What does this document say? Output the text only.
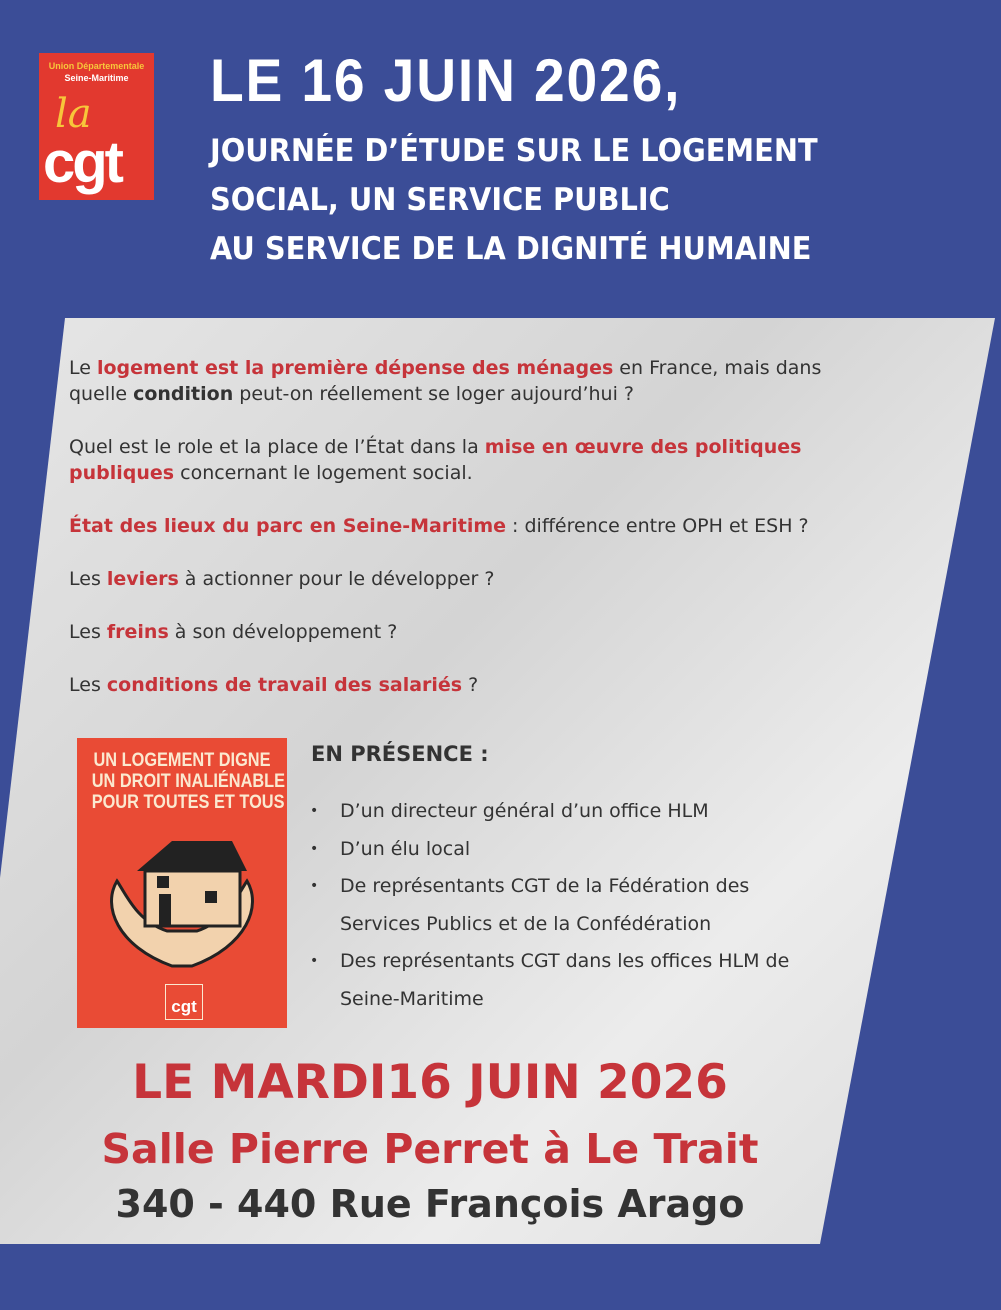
Union Départementale
Seine-Maritime
la
cgt
LE 16 JUIN 2026,
JOURNÉE D’ÉTUDE SUR LE LOGEMENT
SOCIAL, UN SERVICE PUBLIC
AU SERVICE DE LA DIGNITÉ HUMAINE
Le logement est la première dépense des ménages en France, mais dans quelle condition peut-on réellement se loger aujourd’hui ?
Quel est le role et la place de l’État dans la mise en œuvre des politiques publiques concernant le logement social.
État des lieux du parc en Seine-Maritime : différence entre OPH et ESH ?
Les leviers à actionner pour le développer ?
Les freins à son développement ?
Les conditions de travail des salariés ?
UN LOGEMENT DIGNE
UN DROIT INALIÉNABLE
POUR TOUTES ET TOUS
cgt
EN PRÉSENCE :
• D’un directeur général d’un office HLM
• D’un élu local
• De représentants CGT de la Fédération des Services Publics et de la Confédération
• Des représentants CGT dans les offices HLM de Seine-Maritime
LE MARDI16 JUIN 2026
Salle Pierre Perret à Le Trait
340 - 440 Rue François Arago
